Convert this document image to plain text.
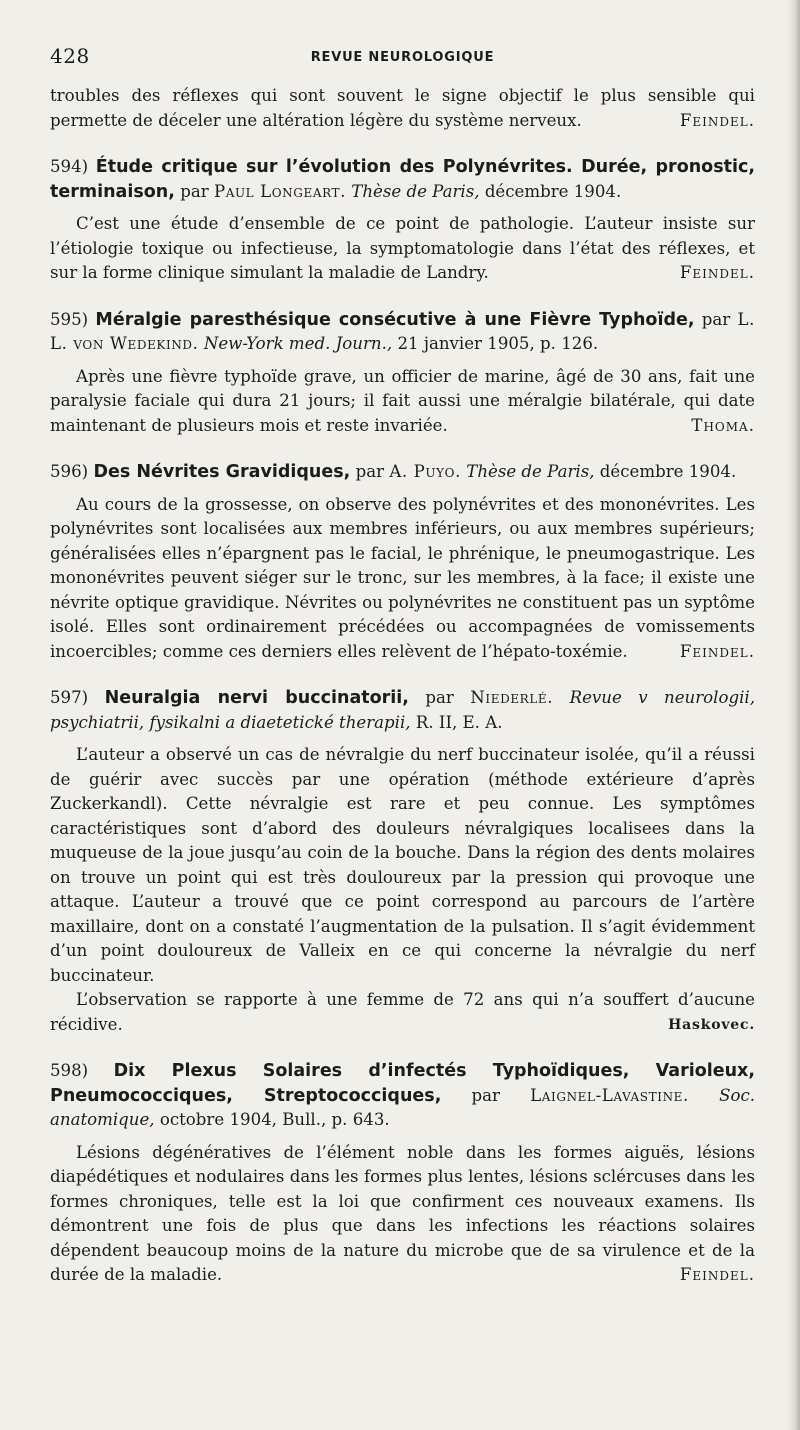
428	REVUE NEUROLOGIQUE

troubles des réflexes qui sont souvent le signe objectif le plus sensible qui permette de déceler une altération légère du système nerveux.	Feindel.

594) Étude critique sur l’évolution des Polynévrites. Durée, pronostic, terminaison, par Paul Longeart. Thèse de Paris, décembre 1904.

C’est une étude d’ensemble de ce point de pathologie. L’auteur insiste sur l’étiologie toxique ou infectieuse, la symptomatologie dans l’état des réflexes, et sur la forme clinique simulant la maladie de Landry.	Feindel.

595) Méralgie paresthésique consécutive à une Fièvre Typhoïde, par L. L. von Wedekind. New-York med. Journ., 21 janvier 1905, p. 126.

Après une fièvre typhoïde grave, un officier de marine, âgé de 30 ans, fait une paralysie faciale qui dura 21 jours; il fait aussi une méralgie bilatérale, qui date maintenant de plusieurs mois et reste invariée.	Thoma.

596) Des Névrites Gravidiques, par A. Puyo. Thèse de Paris, décembre 1904.

Au cours de la grossesse, on observe des polynévrites et des mononévrites. Les polynévrites sont localisées aux membres inférieurs, ou aux membres supérieurs; généralisées elles n’épargnent pas le facial, le phrénique, le pneumogastrique. Les mononévrites peuvent siéger sur le tronc, sur les membres, à la face; il existe une névrite optique gravidique. Névrites ou polynévrites ne constituent pas un syptôme isolé. Elles sont ordinairement précédées ou accompagnées de vomissements incoercibles; comme ces derniers elles relèvent de l’hépato-toxémie.	Feindel.

597) Neuralgia nervi buccinatorii, par Niederlé. Revue v neurologii, psychiatrii, fysikalni a diaetetické therapii, R. II, E. A.

L’auteur a observé un cas de névralgie du nerf buccinateur isolée, qu’il a réussi de guérir avec succès par une opération (méthode extérieure d’après Zuckerkandl). Cette névralgie est rare et peu connue. Les symptômes caractéristiques sont d’abord des douleurs névralgiques localisees dans la muqueuse de la joue jusqu’au coin de la bouche. Dans la région des dents molaires on trouve un point qui est très douloureux par la pression qui provoque une attaque. L’auteur a trouvé que ce point correspond au parcours de l’artère maxillaire, dont on a constaté l’augmentation de la pulsation. Il s’agit évidemment d’un point douloureux de Valleix en ce qui concerne la névralgie du nerf buccinateur.

L’observation se rapporte à une femme de 72 ans qui n’a souffert d’aucune récidive.	Haskovec.

598) Dix Plexus Solaires d’infectés Typhoïdiques, Varioleux, Pneumococciques, Streptococciques, par Laignel-Lavastine. Soc. anatomique, octobre 1904, Bull., p. 643.

Lésions dégénératives de l’élément noble dans les formes aiguës, lésions diapédétiques et nodulaires dans les formes plus lentes, lésions sclércuses dans les formes chroniques, telle est la loi que confirment ces nouveaux examens. Ils démontrent une fois de plus que dans les infections les réactions solaires dépendent beaucoup moins de la nature du microbe que de sa virulence et de la durée de la maladie.	Feindel.
